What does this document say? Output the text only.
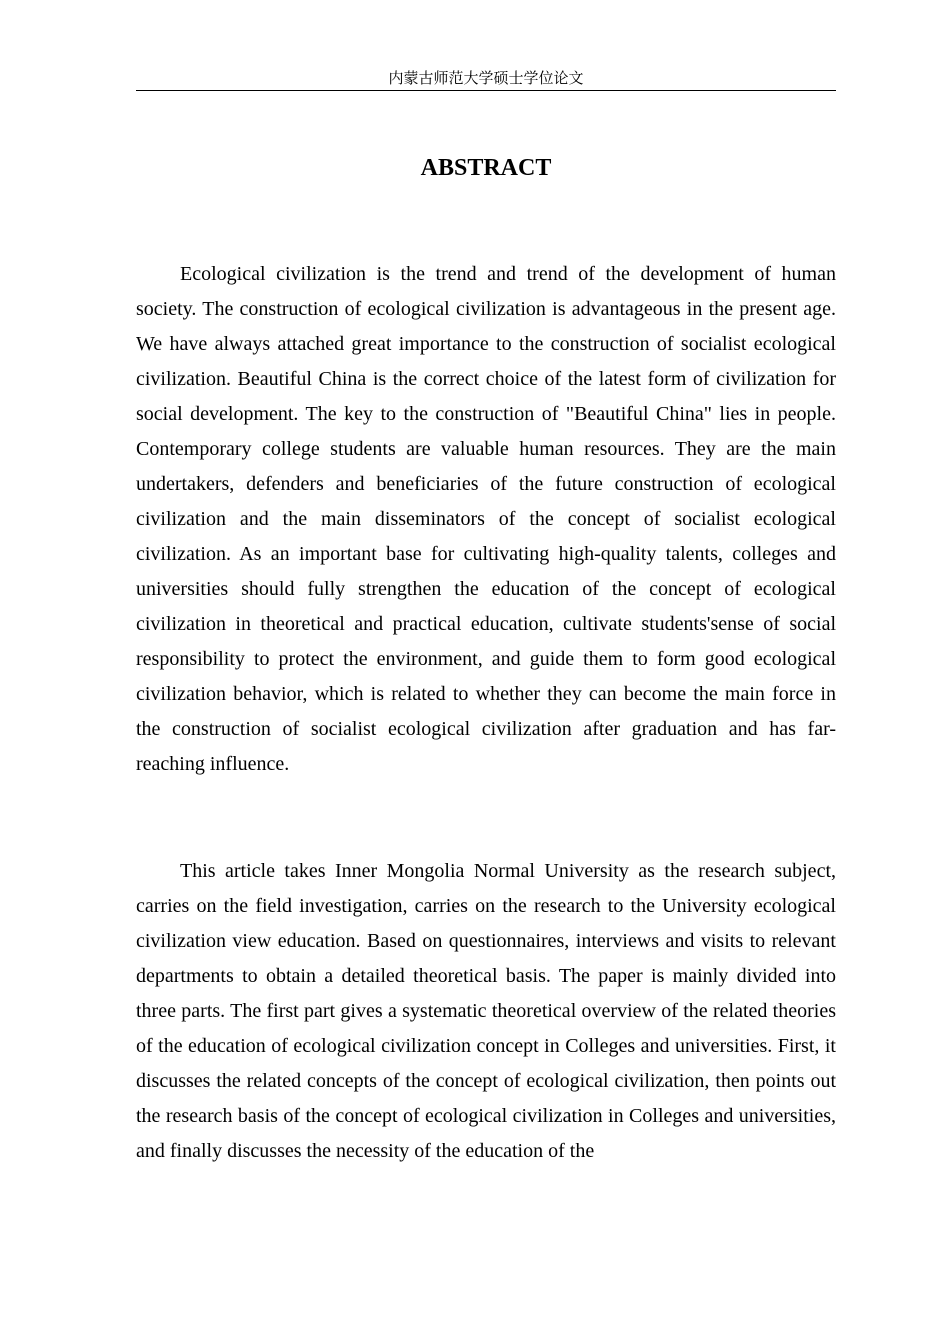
内蒙古师范大学硕士学位论文
ABSTRACT

Ecological civilization is the trend and trend of the development of human society. The construction of ecological civilization is advantageous in the present age. We have always attached great importance to the construction of socialist ecological civilization. Beautiful China is the correct choice of the latest form of civilization for social development. The key to the construction of "Beautiful China" lies in people. Contemporary college students are valuable human resources. They are the main undertakers, defenders and beneficiaries of the future construction of ecological civilization and the main disseminators of the concept of socialist ecological civilization. As an important base for cultivating high-quality talents, colleges and universities should fully strengthen the education of the concept of ecological civilization in theoretical and practical education, cultivate students'sense of social responsibility to protect the environment, and guide them to form good ecological civilization behavior, which is related to whether they can become the main force in the construction of socialist ecological civilization after graduation and has far-reaching influence.

This article takes Inner Mongolia Normal University as the research subject, carries on the field investigation, carries on the research to the University ecological civilization view education. Based on questionnaires, interviews and visits to relevant departments to obtain a detailed theoretical basis. The paper is mainly divided into three parts. The first part gives a systematic theoretical overview of the related theories of the education of ecological civilization concept in Colleges and universities. First, it discusses the related concepts of the concept of ecological civilization, then points out the research basis of the concept of ecological civilization in Colleges and universities, and finally discusses the necessity of the education of the
